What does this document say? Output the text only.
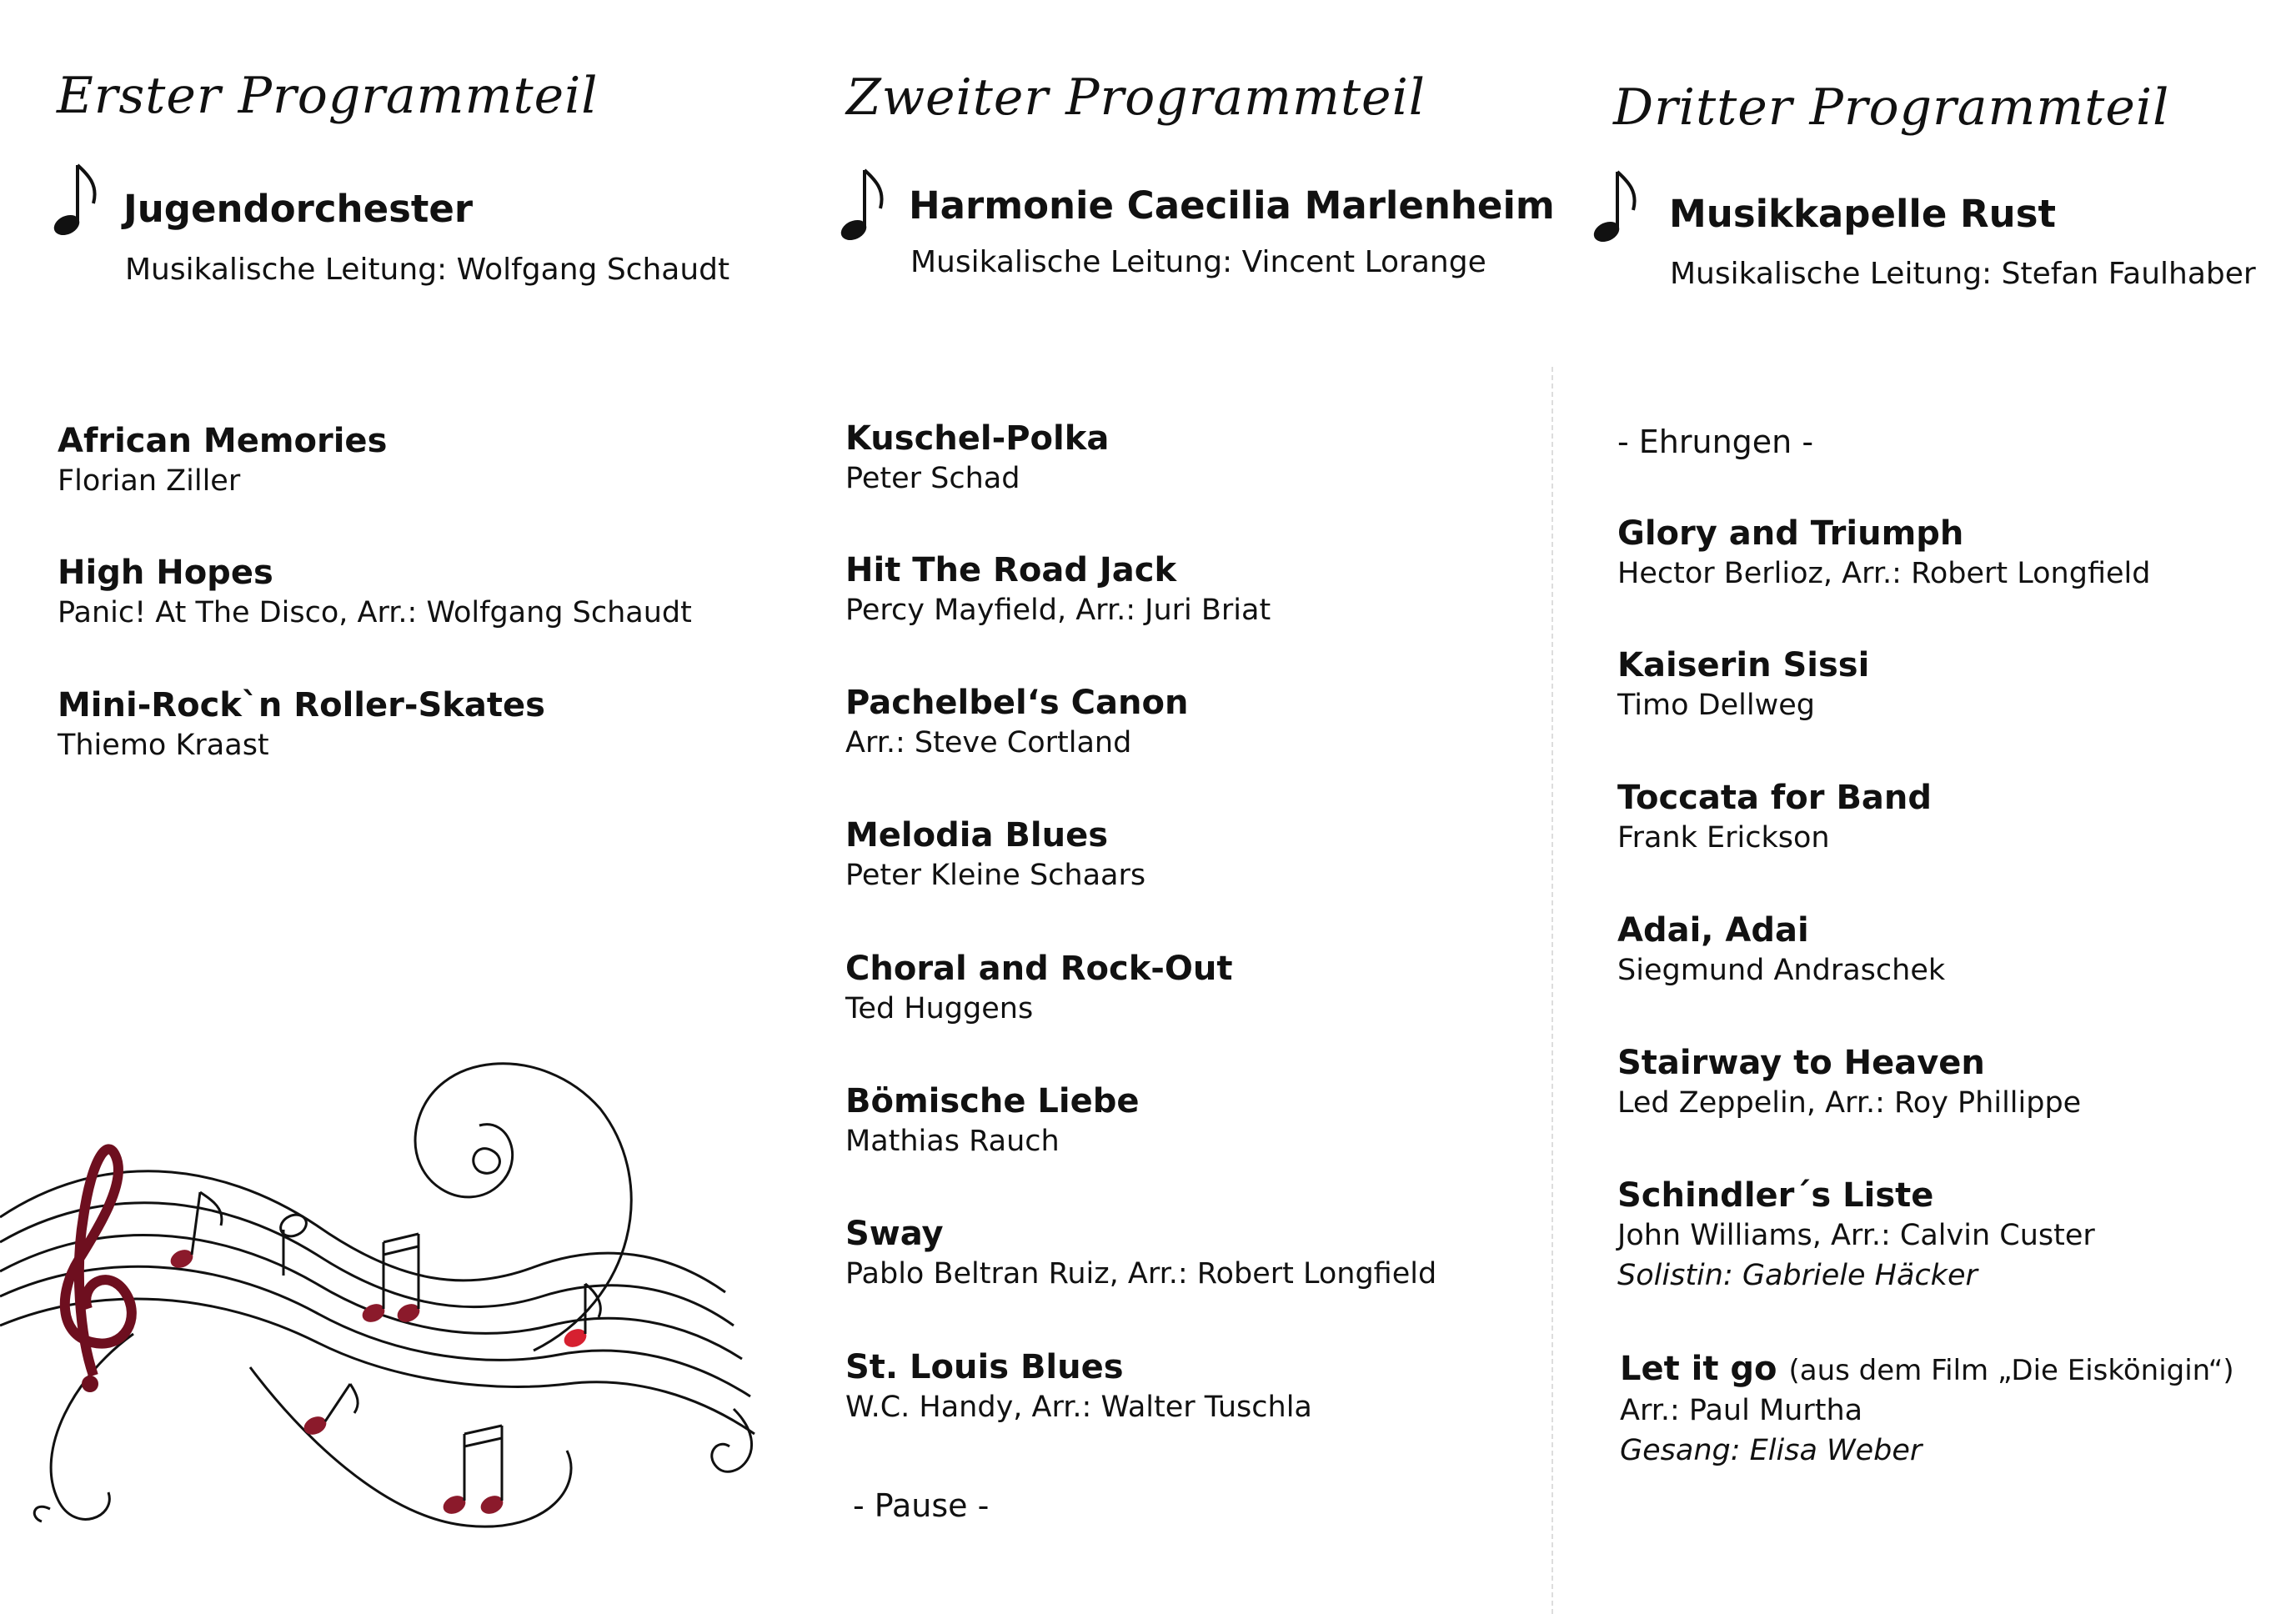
Erster Programmteil
Jugendorchester
Musikalische Leitung: Wolfgang Schaudt
African Memories
Florian Ziller
High Hopes
Panic! At The Disco, Arr.: Wolfgang Schaudt
Mini-Rock`n Roller-Skates
Thiemo Kraast
Zweiter Programmteil
Harmonie Caecilia Marlenheim
Musikalische Leitung: Vincent Lorange
Kuschel-Polka
Peter Schad
Hit The Road Jack
Percy Mayfield, Arr.: Juri Briat
Pachelbel‘s Canon
Arr.: Steve Cortland
Melodia Blues
Peter Kleine Schaars
Choral and Rock-Out
Ted Huggens
Bömische Liebe
Mathias Rauch
Sway
Pablo Beltran Ruiz, Arr.: Robert Longfield
St. Louis Blues
W.C. Handy, Arr.: Walter Tuschla
- Pause -
Dritter Programmteil
Musikkapelle Rust
Musikalische Leitung: Stefan Faulhaber
- Ehrungen -
Glory and Triumph
Hector Berlioz, Arr.: Robert Longfield
Kaiserin Sissi
Timo Dellweg
Toccata for Band
Frank Erickson
Adai, Adai
Siegmund Andraschek
Stairway to Heaven
Led Zeppelin, Arr.: Roy Phillippe
Schindler´s Liste
John Williams, Arr.: Calvin Custer
Solistin: Gabriele Häcker
Let it go (aus dem Film „Die Eiskönigin“)
Arr.: Paul Murtha
Gesang: Elisa Weber
